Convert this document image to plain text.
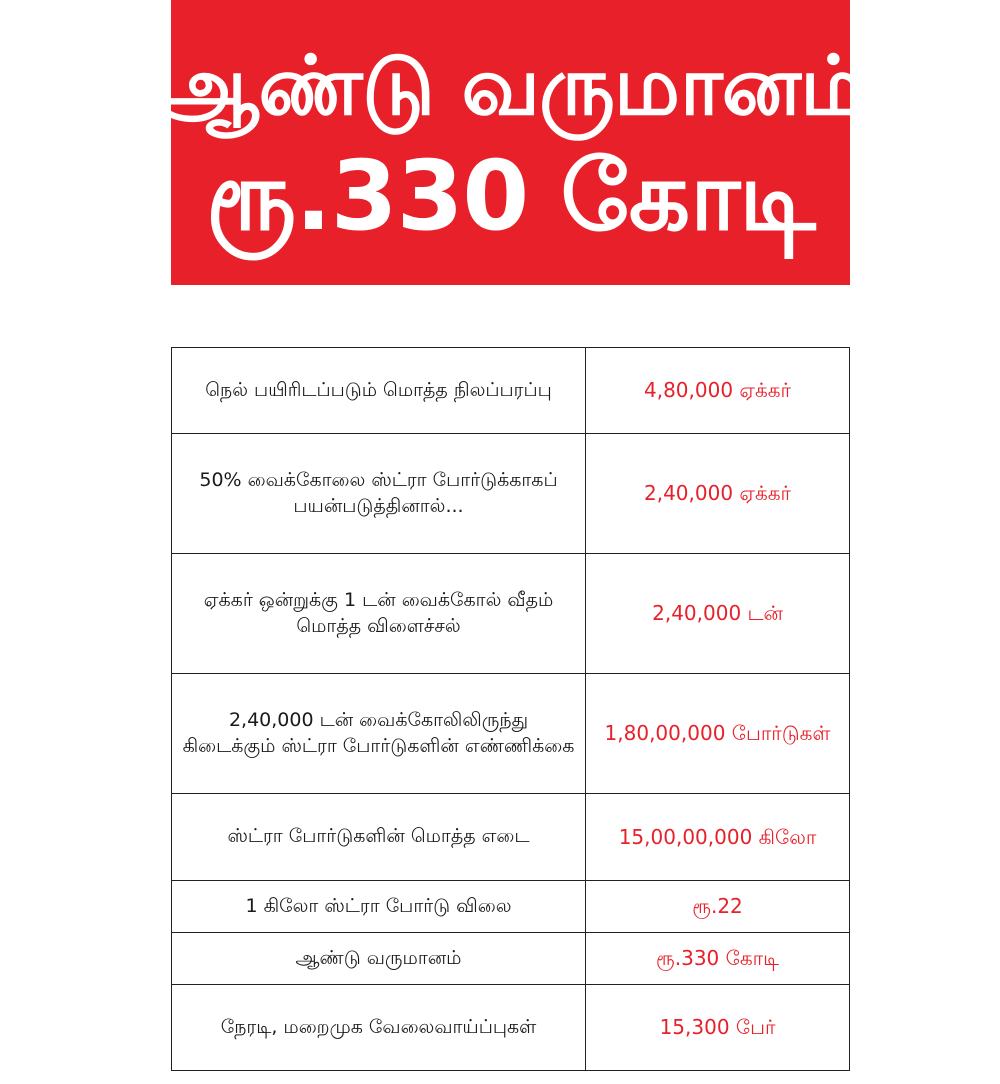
ஆண்டு வருமானம்
ரூ.330 கோடி
நெல் பயிரிடப்படும் மொத்த நிலப்பரப்பு	4,80,000 ஏக்கர்
50% வைக்கோலை ஸ்ட்ரா போர்டுக்காகப் பயன்படுத்தினால்...	2,40,000 ஏக்கர்
ஏக்கர் ஒன்றுக்கு 1 டன் வைக்கோல் வீதம் மொத்த விளைச்சல்	2,40,000 டன்
2,40,000 டன் வைக்கோலிலிருந்து கிடைக்கும் ஸ்ட்ரா போர்டுகளின் எண்ணிக்கை	1,80,00,000 போர்டுகள்
ஸ்ட்ரா போர்டுகளின் மொத்த எடை	15,00,00,000 கிலோ
1 கிலோ ஸ்ட்ரா போர்டு விலை	ரூ.22
ஆண்டு வருமானம்	ரூ.330 கோடி
நேரடி, மறைமுக வேலைவாய்ப்புகள்	15,300 பேர்
